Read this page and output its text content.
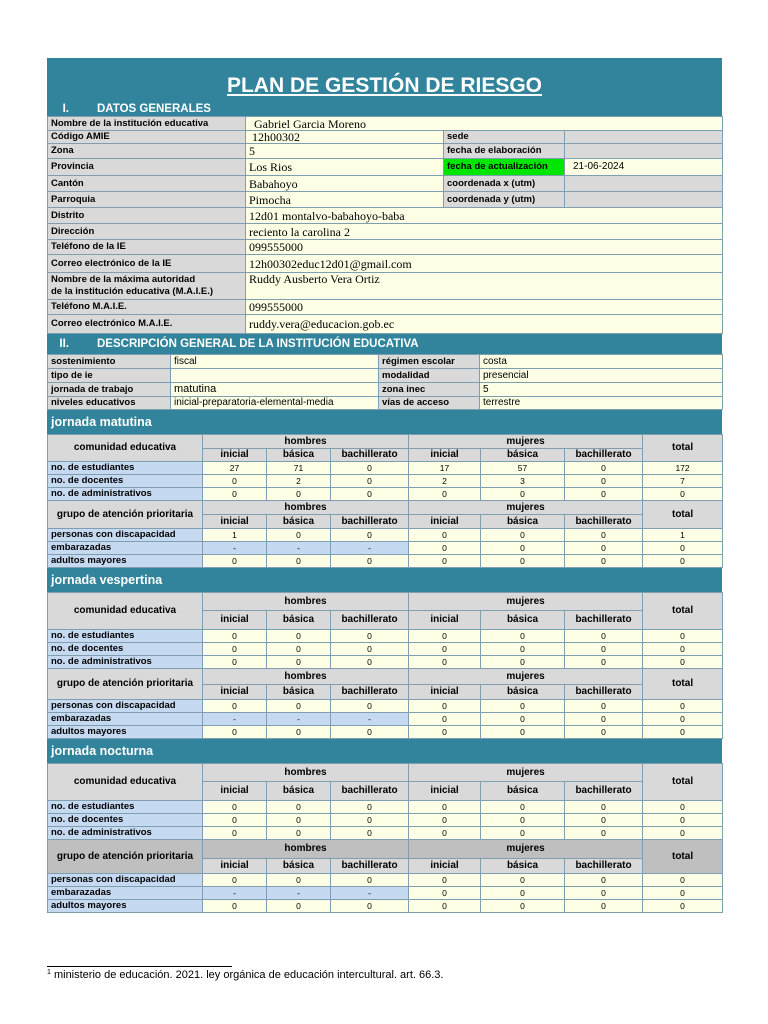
PLAN DE GESTIÓN DE RIESGO
I.	DATOS GENERALES
Nombre de la institución educativa	Gabriel Garcia Moreno		
Código AMIE	12h00302	sede	
Zona	5	fecha de elaboración	
Provincia	Los Rios	fecha de actualización	21-06-2024
Cantón	Babahoyo	coordenada x (utm)	
Parroquia	Pimocha	coordenada y (utm)	
Distrito	12d01 montalvo-babahoyo-baba		
Dirección	reciento la carolina 2		
Teléfono de la IE	099555000		
Correo electrónico de la IE	12h00302educ12d01@gmail.com		
Nombre de la máxima autoridad
de la institución educativa (M.A.I.E.)	Ruddy Ausberto Vera Ortiz		
Teléfono M.A.I.E.	099555000		
Correo electrónico M.A.I.E.	ruddy.vera@educacion.gob.ec		
II.	DESCRIPCIÓN GENERAL DE LA INSTITUCIÓN EDUCATIVA
sostenimiento	fiscal	régimen escolar	costa
tipo de ie		modalidad	presencial
jornada de trabajo	matutina	zona inec	5
niveles educativos	inicial-preparatoria-elemental-media	vías de acceso	terrestre
jornada matutina
comunidad educativa	hombres			mujeres			total
	inicial	básica	bachillerato	inicial	básica	bachillerato	
no. de estudiantes	27	71	0	17	57	0	172
no. de docentes	0	2	0	2	3	0	7
no. de administrativos	0	0	0	0	0	0	0
grupo de atención prioritaria	hombres			mujeres			total
	inicial	básica	bachillerato	inicial	básica	bachillerato	
personas con discapacidad	1	0	0	0	0	0	1
embarazadas	-	-	-	0	0	0	0
adultos mayores	0	0	0	0	0	0	0
jornada vespertina
comunidad educativa	hombres			mujeres			total
	inicial	básica	bachillerato	inicial	básica	bachillerato	
no. de estudiantes	0	0	0	0	0	0	0
no. de docentes	0	0	0	0	0	0	0
no. de administrativos	0	0	0	0	0	0	0
grupo de atención prioritaria	hombres			mujeres			total
	inicial	básica	bachillerato	inicial	básica	bachillerato	
personas con discapacidad	0	0	0	0	0	0	0
embarazadas	-	-	-	0	0	0	0
adultos mayores	0	0	0	0	0	0	0
jornada nocturna
comunidad educativa	hombres			mujeres			total
	inicial	básica	bachillerato	inicial	básica	bachillerato	
no. de estudiantes	0	0	0	0	0	0	0
no. de docentes	0	0	0	0	0	0	0
no. de administrativos	0	0	0	0	0	0	0
grupo de atención prioritaria	hombres			mujeres			total
	inicial	básica	bachillerato	inicial	básica	bachillerato	
personas con discapacidad	0	0	0	0	0	0	0
embarazadas	-	-	-	0	0	0	0
adultos mayores	0	0	0	0	0	0	0
$^1$ ministerio de educación. 2021. ley orgánica de educación intercultural. art. 66.3.
